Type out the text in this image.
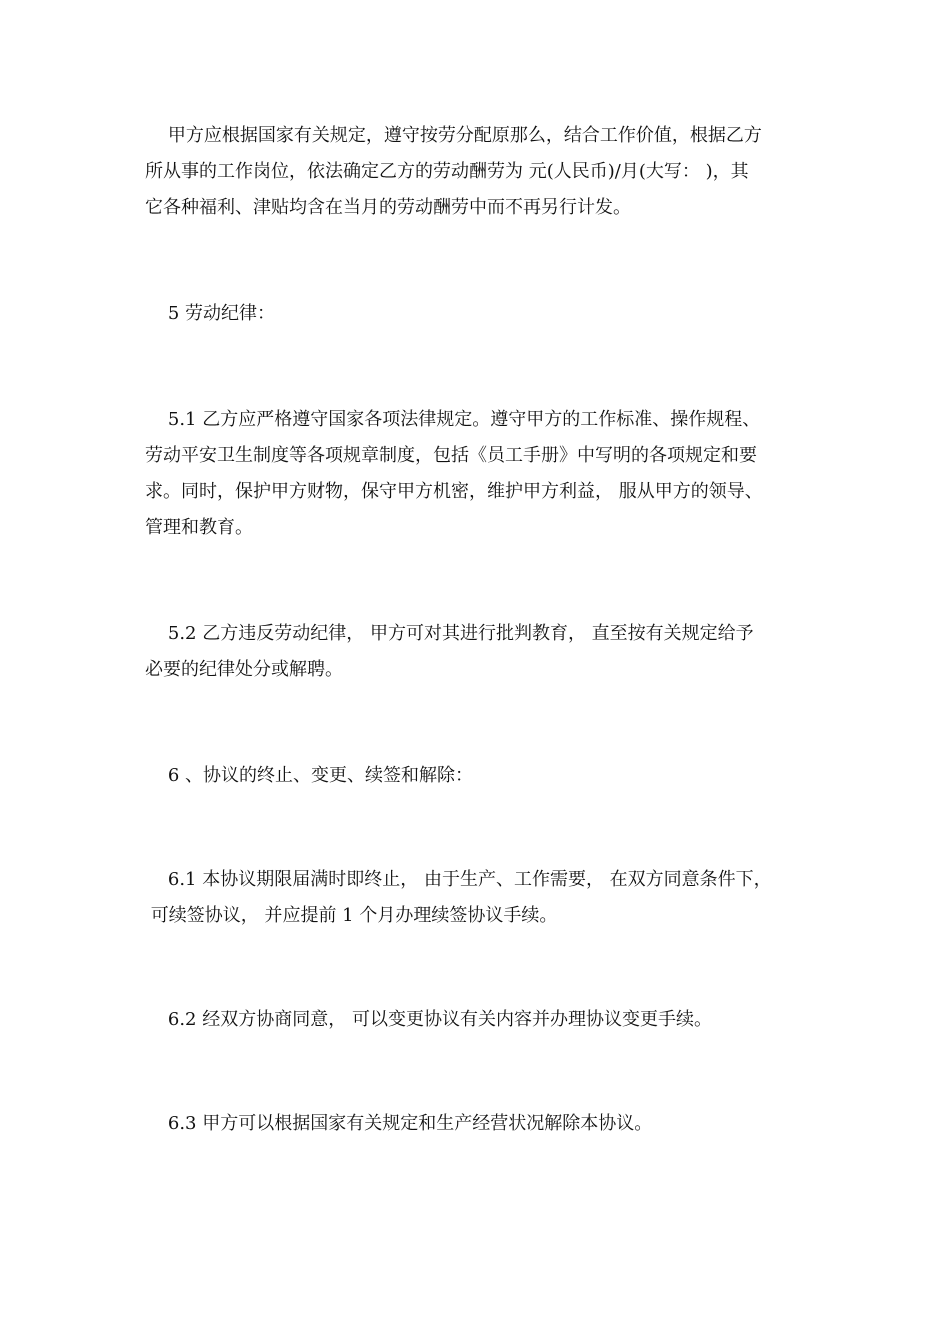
甲方应根据国家有关规定，遵守按劳分配原那么，结合工作价值，根据乙方
所从事的工作岗位，依法确定乙方的劳动酬劳为 元(人民币)/月(大写： )，其
它各种福利、津贴均含在当月的劳动酬劳中而不再另行计发。
5 劳动纪律：
5.1 乙方应严格遵守国家各项法律规定。遵守甲方的工作标准、操作规程、
劳动平安卫生制度等各项规章制度，包括《员工手册》中写明的各项规定和要
求。同时，保护甲方财物，保守甲方机密，维护甲方利益， 服从甲方的领导、
管理和教育。
5.2 乙方违反劳动纪律， 甲方可对其进行批判教育， 直至按有关规定给予
必要的纪律处分或解聘。
6 、协议的终止、变更、续签和解除：
6.1 本协议期限届满时即终止， 由于生产、工作需要， 在双方同意条件下，
可续签协议， 并应提前 1 个月办理续签协议手续。
6.2 经双方协商同意， 可以变更协议有关内容并办理协议变更手续。
6.3 甲方可以根据国家有关规定和生产经营状况解除本协议。
